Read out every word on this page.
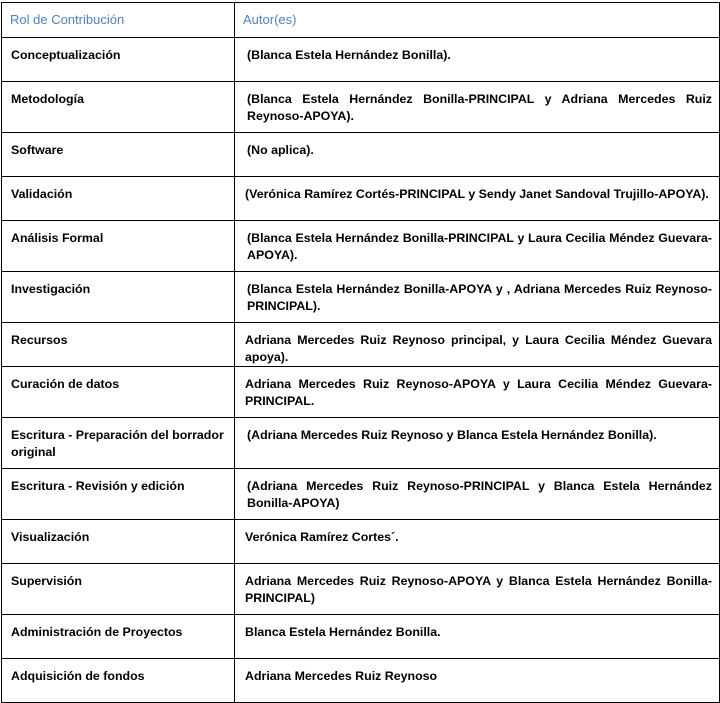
Rol de Contribución	Autor(es)
Conceptualización	(Blanca Estela Hernández Bonilla).
Metodología	(Blanca Estela Hernández Bonilla-PRINCIPAL y Adriana Mercedes Ruiz Reynoso-APOYA).
Software	(No aplica).
Validación	(Verónica Ramírez Cortés-PRINCIPAL y Sendy Janet Sandoval Trujillo-APOYA).
Análisis Formal	(Blanca Estela Hernández Bonilla-PRINCIPAL y Laura Cecilia Méndez Guevara-APOYA).
Investigación	(Blanca Estela Hernández Bonilla-APOYA y , Adriana Mercedes Ruiz Reynoso-PRINCIPAL).
Recursos	Adriana Mercedes Ruiz Reynoso principal, y Laura Cecilia Méndez Guevara apoya).
Curación de datos	Adriana Mercedes Ruiz Reynoso-APOYA y Laura Cecilia Méndez Guevara-PRINCIPAL.
Escritura - Preparación del borrador original	(Adriana Mercedes Ruiz Reynoso y Blanca Estela Hernández Bonilla).
Escritura - Revisión y edición	(Adriana Mercedes Ruiz Reynoso-PRINCIPAL y Blanca Estela Hernández Bonilla-APOYA)
Visualización	Verónica Ramírez Cortes´.
Supervisión	Adriana Mercedes Ruiz Reynoso-APOYA y Blanca Estela Hernández Bonilla-PRINCIPAL)
Administración de Proyectos	Blanca Estela Hernández Bonilla.
Adquisición de fondos	Adriana Mercedes Ruiz Reynoso
